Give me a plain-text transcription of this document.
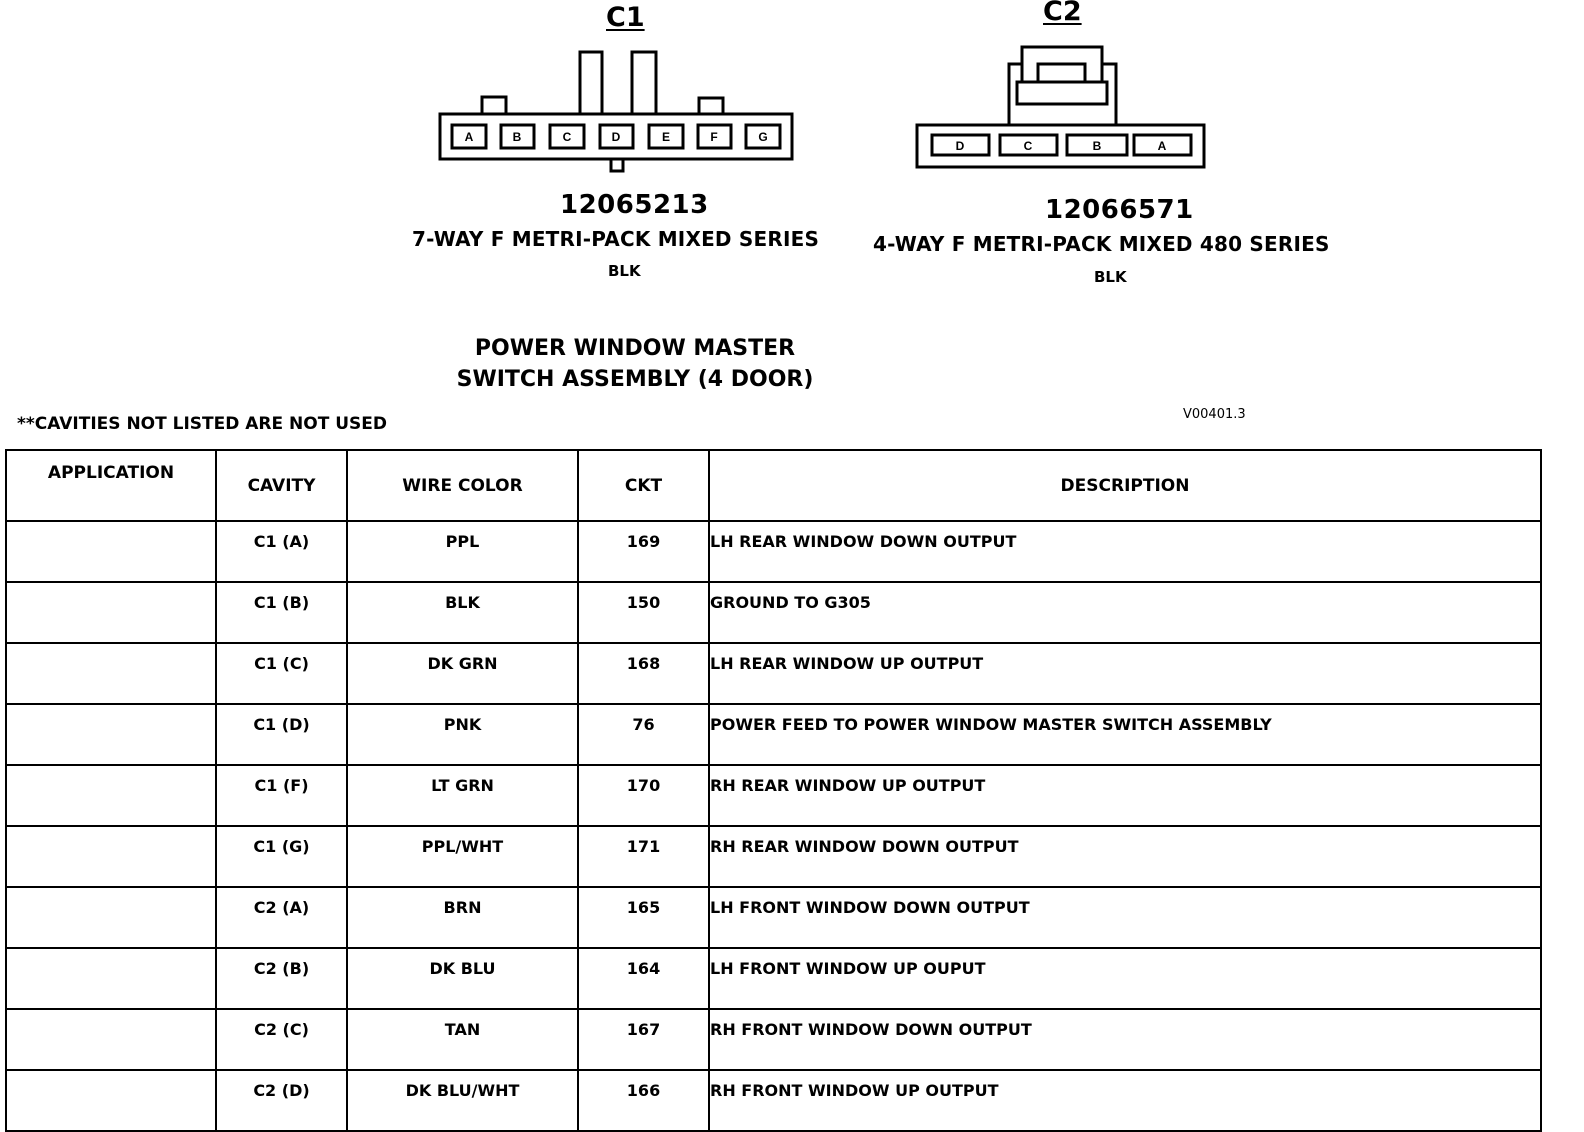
C1	C2
A	B	C	D	E	F	G
D	C	B	A
12065213
7-WAY F METRI-PACK MIXED SERIES
BLK
12066571
4-WAY F METRI-PACK MIXED 480 SERIES
BLK
POWER WINDOW MASTER
SWITCH ASSEMBLY (4 DOOR)
**CAVITIES NOT LISTED ARE NOT USED	V00401.3
APPLICATION	CAVITY	WIRE COLOR	CKT	DESCRIPTION
	C1 (A)	PPL	169	LH REAR WINDOW DOWN OUTPUT
	C1 (B)	BLK	150	GROUND TO G305
	C1 (C)	DK GRN	168	LH REAR WINDOW UP OUTPUT
	C1 (D)	PNK	76	POWER FEED TO POWER WINDOW MASTER SWITCH ASSEMBLY
	C1 (F)	LT GRN	170	RH REAR WINDOW UP OUTPUT
	C1 (G)	PPL/WHT	171	RH REAR WINDOW DOWN OUTPUT
	C2 (A)	BRN	165	LH FRONT WINDOW DOWN OUTPUT
	C2 (B)	DK BLU	164	LH FRONT WINDOW UP OUPUT
	C2 (C)	TAN	167	RH FRONT WINDOW DOWN OUTPUT
	C2 (D)	DK BLU/WHT	166	RH FRONT WINDOW UP OUTPUT
